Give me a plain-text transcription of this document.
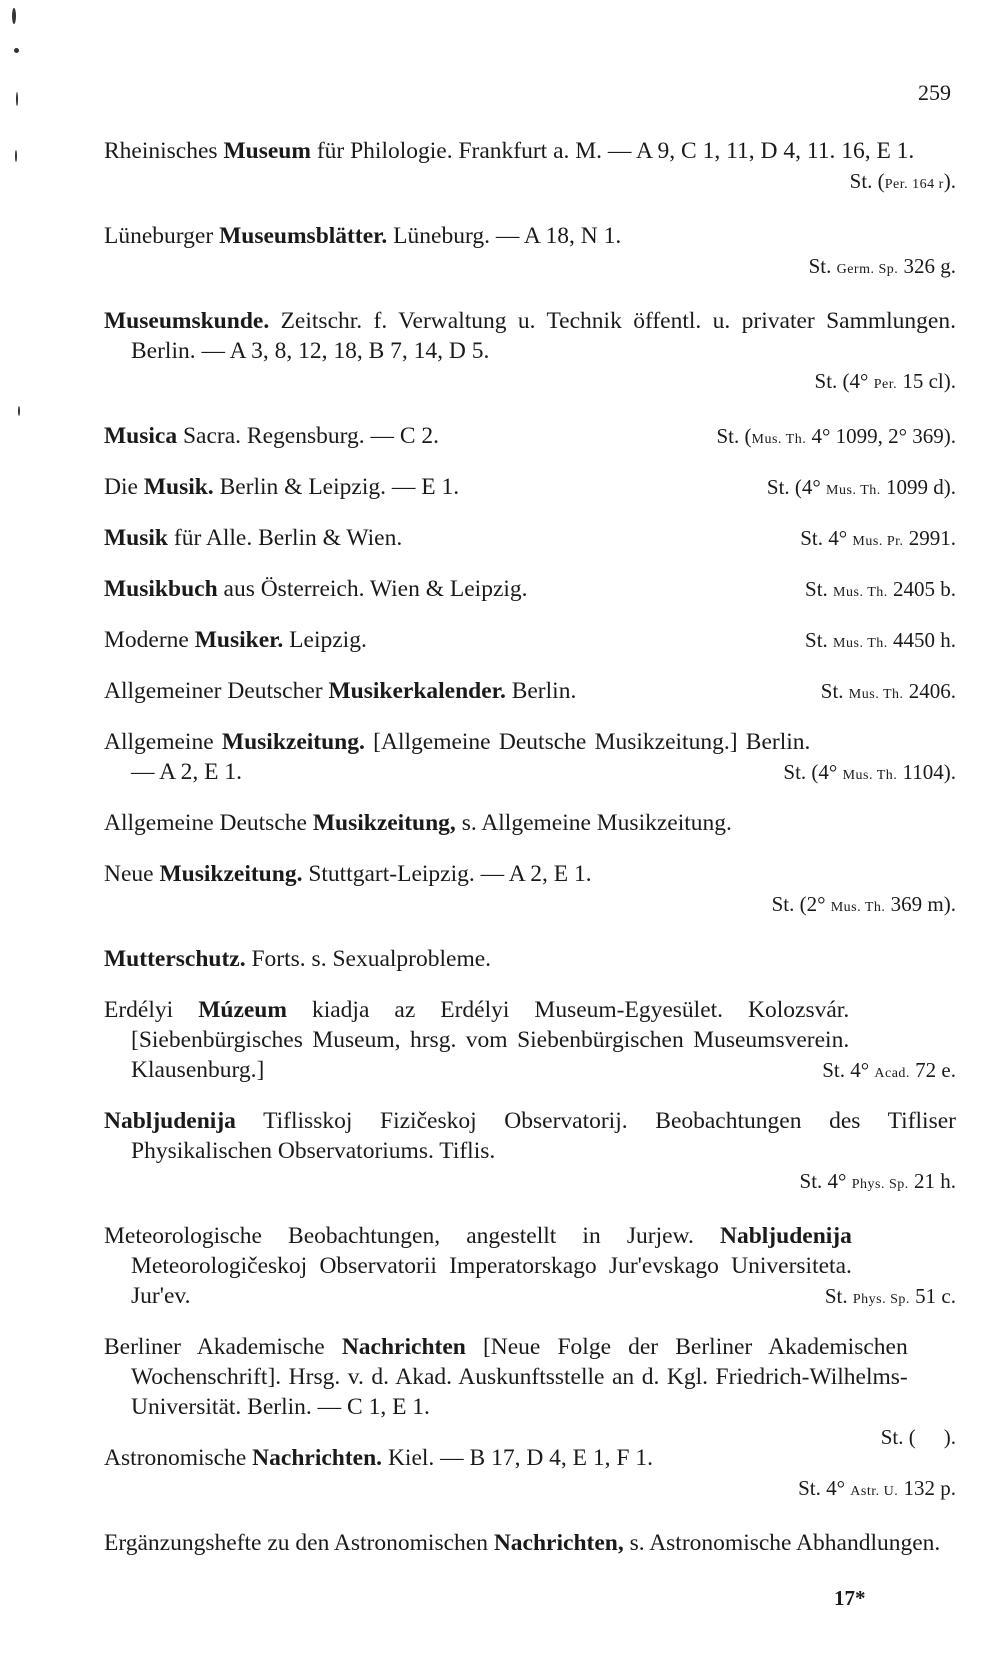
259
Rheinisches Museum für Philologie. Frankfurt a. M. — A 9, C 1, 11, D 4, 11. 16, E 1.
St. (Per. 164 r).
Lüneburger Museumsblätter. Lüneburg. — A 18, N 1.
St. Germ. Sp. 326 g.
Museumskunde. Zeitschr. f. Verwaltung u. Technik öffentl. u. privater Sammlungen. Berlin. — A 3, 8, 12, 18, B 7, 14, D 5.
St. (4° Per. 15 cl).
St. (Mus. Th. 4° 1099, 2° 369).
Musica Sacra. Regensburg. — C 2.
St. (4° Mus. Th. 1099 d).
Die Musik. Berlin & Leipzig. — E 1.
St. 4° Mus. Pr. 2991.
Musik für Alle. Berlin & Wien.
St. Mus. Th. 2405 b.
Musikbuch aus Österreich. Wien & Leipzig.
St. Mus. Th. 4450 h.
Moderne Musiker. Leipzig.
St. Mus. Th. 2406.
Allgemeiner Deutscher Musikerkalender. Berlin.
St. (4° Mus. Th. 1104).
Allgemeine Musikzeitung. [Allgemeine Deutsche Musikzeitung.] Berlin. — A 2, E 1.
Allgemeine Deutsche Musikzeitung, s. Allgemeine Musikzeitung.
Neue Musikzeitung. Stuttgart-Leipzig. — A 2, E 1.
St. (2° Mus. Th. 369 m).
Mutterschutz. Forts. s. Sexualprobleme.
St. 4° Acad. 72 e.
Erdélyi Múzeum kiadja az Erdélyi Museum-Egyesület. Kolozsvár. [Siebenbürgisches Museum, hrsg. vom Siebenbürgischen Museumsverein. Klausenburg.]
Nabljudenija Tiflisskoj Fizičeskoj Observatorij. Beobachtungen des Tifliser Physikalischen Observatoriums. Tiflis.
St. 4° Phys. Sp. 21 h.
St. Phys. Sp. 51 c.
Meteorologische Beobachtungen, angestellt in Jurjew. Nabljudenija Meteorologičeskoj Observatorii Imperatorskago Jur'evskago Universiteta. Jur'ev.
St. ( ).
Berliner Akademische Nachrichten [Neue Folge der Berliner Akademischen Wochenschrift]. Hrsg. v. d. Akad. Auskunftsstelle an d. Kgl. Friedrich-Wilhelms-Universität. Berlin. — C 1, E 1.
Astronomische Nachrichten. Kiel. — B 17, D 4, E 1, F 1.
St. 4° Astr. U. 132 p.
Ergänzungshefte zu den Astronomischen Nachrichten, s. Astronomische Abhandlungen.
17*
